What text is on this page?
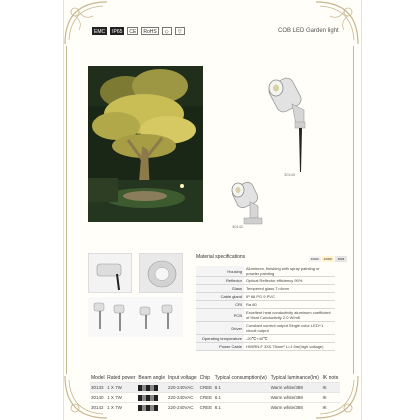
EMC	IP65	CE	RoHS	◇	▽	COB LED Garden light
30140
30142
Material specifications	3000K	4000K	RGB
Housing	Aluminum, finishing with spray painting or powder painting
Reflector	Optical Reflector efficiency 90%
Glass	Tempered glass T=4mm
Cable gland	IP 68 PG 9 PVC
CRI	Ra 80
PCB	Excellent heat conductivity aluminum coefficient of Heat Conductivity 2.0 W/mK
Driver	Constant current output Single color LED+1 circuit output
Operating temperature	-20℃+40℃
Power Cable	H05RN-F 3X0.75mm² L=1.0m(high voltage)
Model	Rated power	Beam angle	Input voltage	Chip	Typical consumption(w)	Typical luminance(lm)	IK note
30133	1 X 7W		220-240VAC	CREE	8.1	Warm white/388	IK
30140	1 X 7W		220-240VAC	CREE	8.1	Warm white/388	IK
30142	1 X 7W		220-240VAC	CREE	8.1	Warm white/388	IK
